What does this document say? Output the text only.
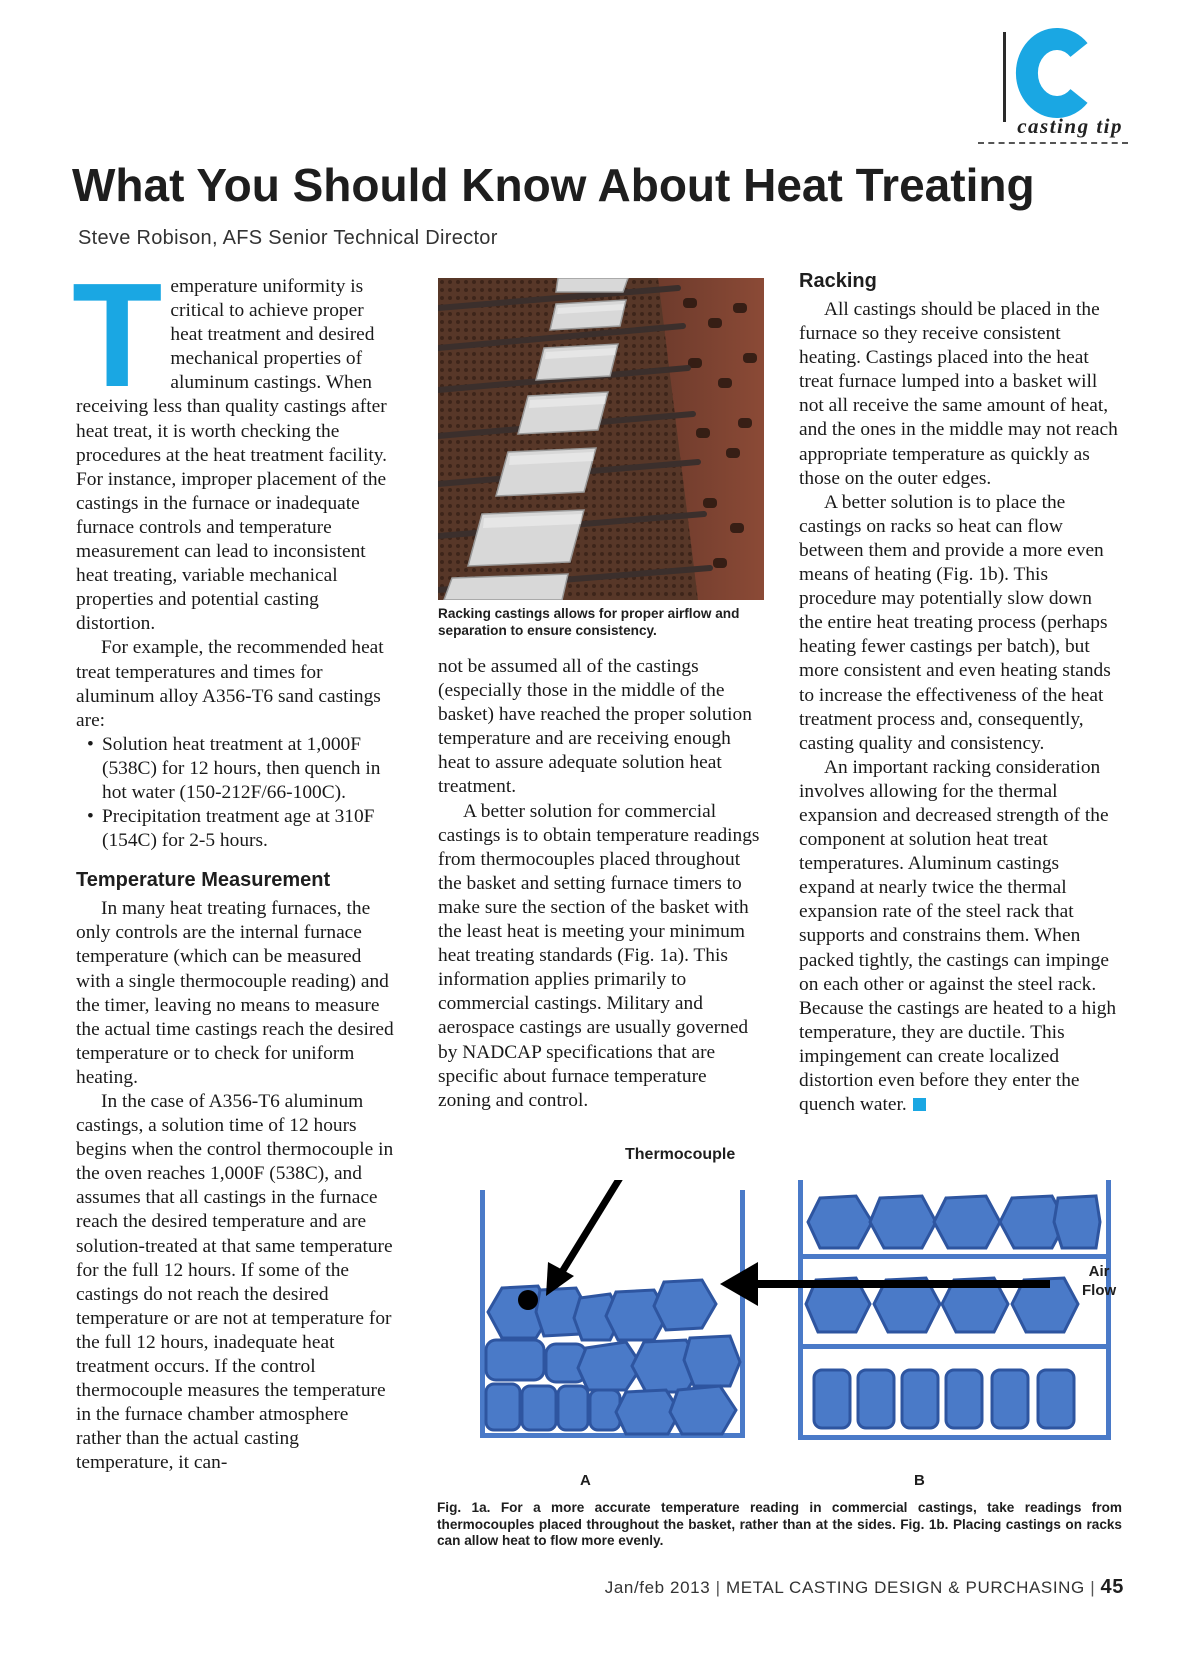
casting tip
What You Should Know About Heat Treating
Steve Robison, AFS Senior Technical Director

Temperature uniformity is critical to achieve proper heat treatment and desired mechanical properties of aluminum castings. When receiving less than quality castings after heat treat, it is worth checking the procedures at the heat treatment facility. For instance, improper placement of the castings in the furnace or inadequate furnace controls and temperature measurement can lead to inconsistent heat treating, variable mechanical properties and potential casting distortion.

For example, the recommended heat treat temperatures and times for aluminum alloy A356-T6 sand castings are:

• Solution heat treatment at 1,000F (538C) for 12 hours, then quench in hot water (150-212F/66-100C).
• Precipitation treatment age at 310F (154C) for 2-5 hours.
Temperature Measurement

In many heat treating furnaces, the only controls are the internal furnace temperature (which can be measured with a single thermocouple reading) and the timer, leaving no means to measure the actual time castings reach the desired temperature or to check for uniform heating.

In the case of A356-T6 aluminum castings, a solution time of 12 hours begins when the control thermocouple in the oven reaches 1,000F (538C), and assumes that all castings in the furnace reach the desired temperature and are solution-treated at that same temperature for the full 12 hours. If some of the castings do not reach the desired temperature or are not at temperature for the full 12 hours, inadequate heat treatment occurs. If the control thermocouple measures the temperature in the furnace chamber atmosphere rather than the actual casting temperature, it can-

Racking castings allows for proper airflow and separation to ensure consistency.

not be assumed all of the castings (especially those in the middle of the basket) have reached the proper solution temperature and are receiving enough heat to assure adequate solution heat treatment.

A better solution for commercial castings is to obtain temperature readings from thermocouples placed throughout the basket and setting furnace timers to make sure the section of the basket with the least heat is meeting your minimum heat treating standards (Fig. 1a). This information applies primarily to commercial castings. Military and aerospace castings are usually governed by NADCAP specifications that are specific about furnace temperature zoning and control.

Racking

All castings should be placed in the furnace so they receive consistent heating. Castings placed into the heat treat furnace lumped into a basket will not all receive the same amount of heat, and the ones in the middle may not reach appropriate temperature as quickly as those on the outer edges.

A better solution is to place the castings on racks so heat can flow between them and provide a more even means of heating (Fig. 1b). This procedure may potentially slow down the entire heat treating process (perhaps heating fewer castings per batch), but more consistent and even heating stands to increase the effectiveness of the heat treatment process and, consequently, casting quality and consistency.

An important racking consideration involves allowing for the thermal expansion and decreased strength of the component at solution heat treat temperatures. Aluminum castings expand at nearly twice the thermal expansion rate of the steel rack that supports and constrains them. When packed tightly, the castings can impinge on each other or against the steel rack. Because the castings are heated to a high temperature, they are ductile. This impingement can create localized distortion even before they enter the quench water.

Thermocouple
Air
Flow
A	B
Fig. 1a. For a more accurate temperature reading in commercial castings, take readings from thermocouples placed throughout the basket, rather than at the sides. Fig. 1b. Placing castings on racks can allow heat to flow more evenly.
Jan/feb 2013 | METAL CASTING DESIGN & PURCHASING | 45
